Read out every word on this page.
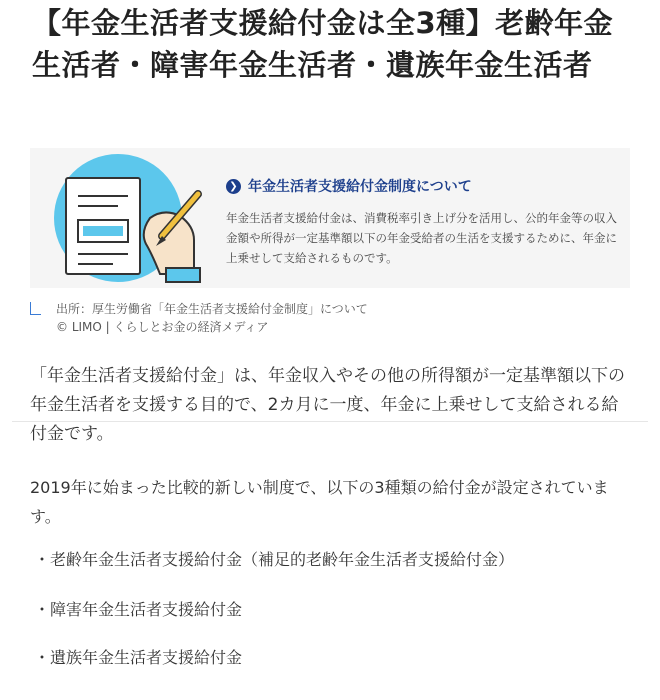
【年金生活者支援給付金は全3種】老齢年金生活者・障害年金生活者・遺族年金生活者
❯ 年金生活者支援給付金制度について
年金生活者支援給付金は、消費税率引き上げ分を活用し、公的年金等の収入金額や所得が一定基準額以下の年金受給者の生活を支援するために、年金に上乗せして支給されるものです。
出所：厚生労働省「年金生活者支援給付金制度」について
© LIMO | くらしとお金の経済メディア

「年金生活者支援給付金」は、年金収入やその他の所得額が一定基準額以下の年金生活者を支援する目的で、2カ月に一度、年金に上乗せして支給される給付金です。

2019年に始まった比較的新しい制度で、以下の3種類の給付金が設定されています。

・老齢年金生活者支援給付金（補足的老齢年金生活者支援給付金）
・障害年金生活者支援給付金
・遺族年金生活者支援給付金
